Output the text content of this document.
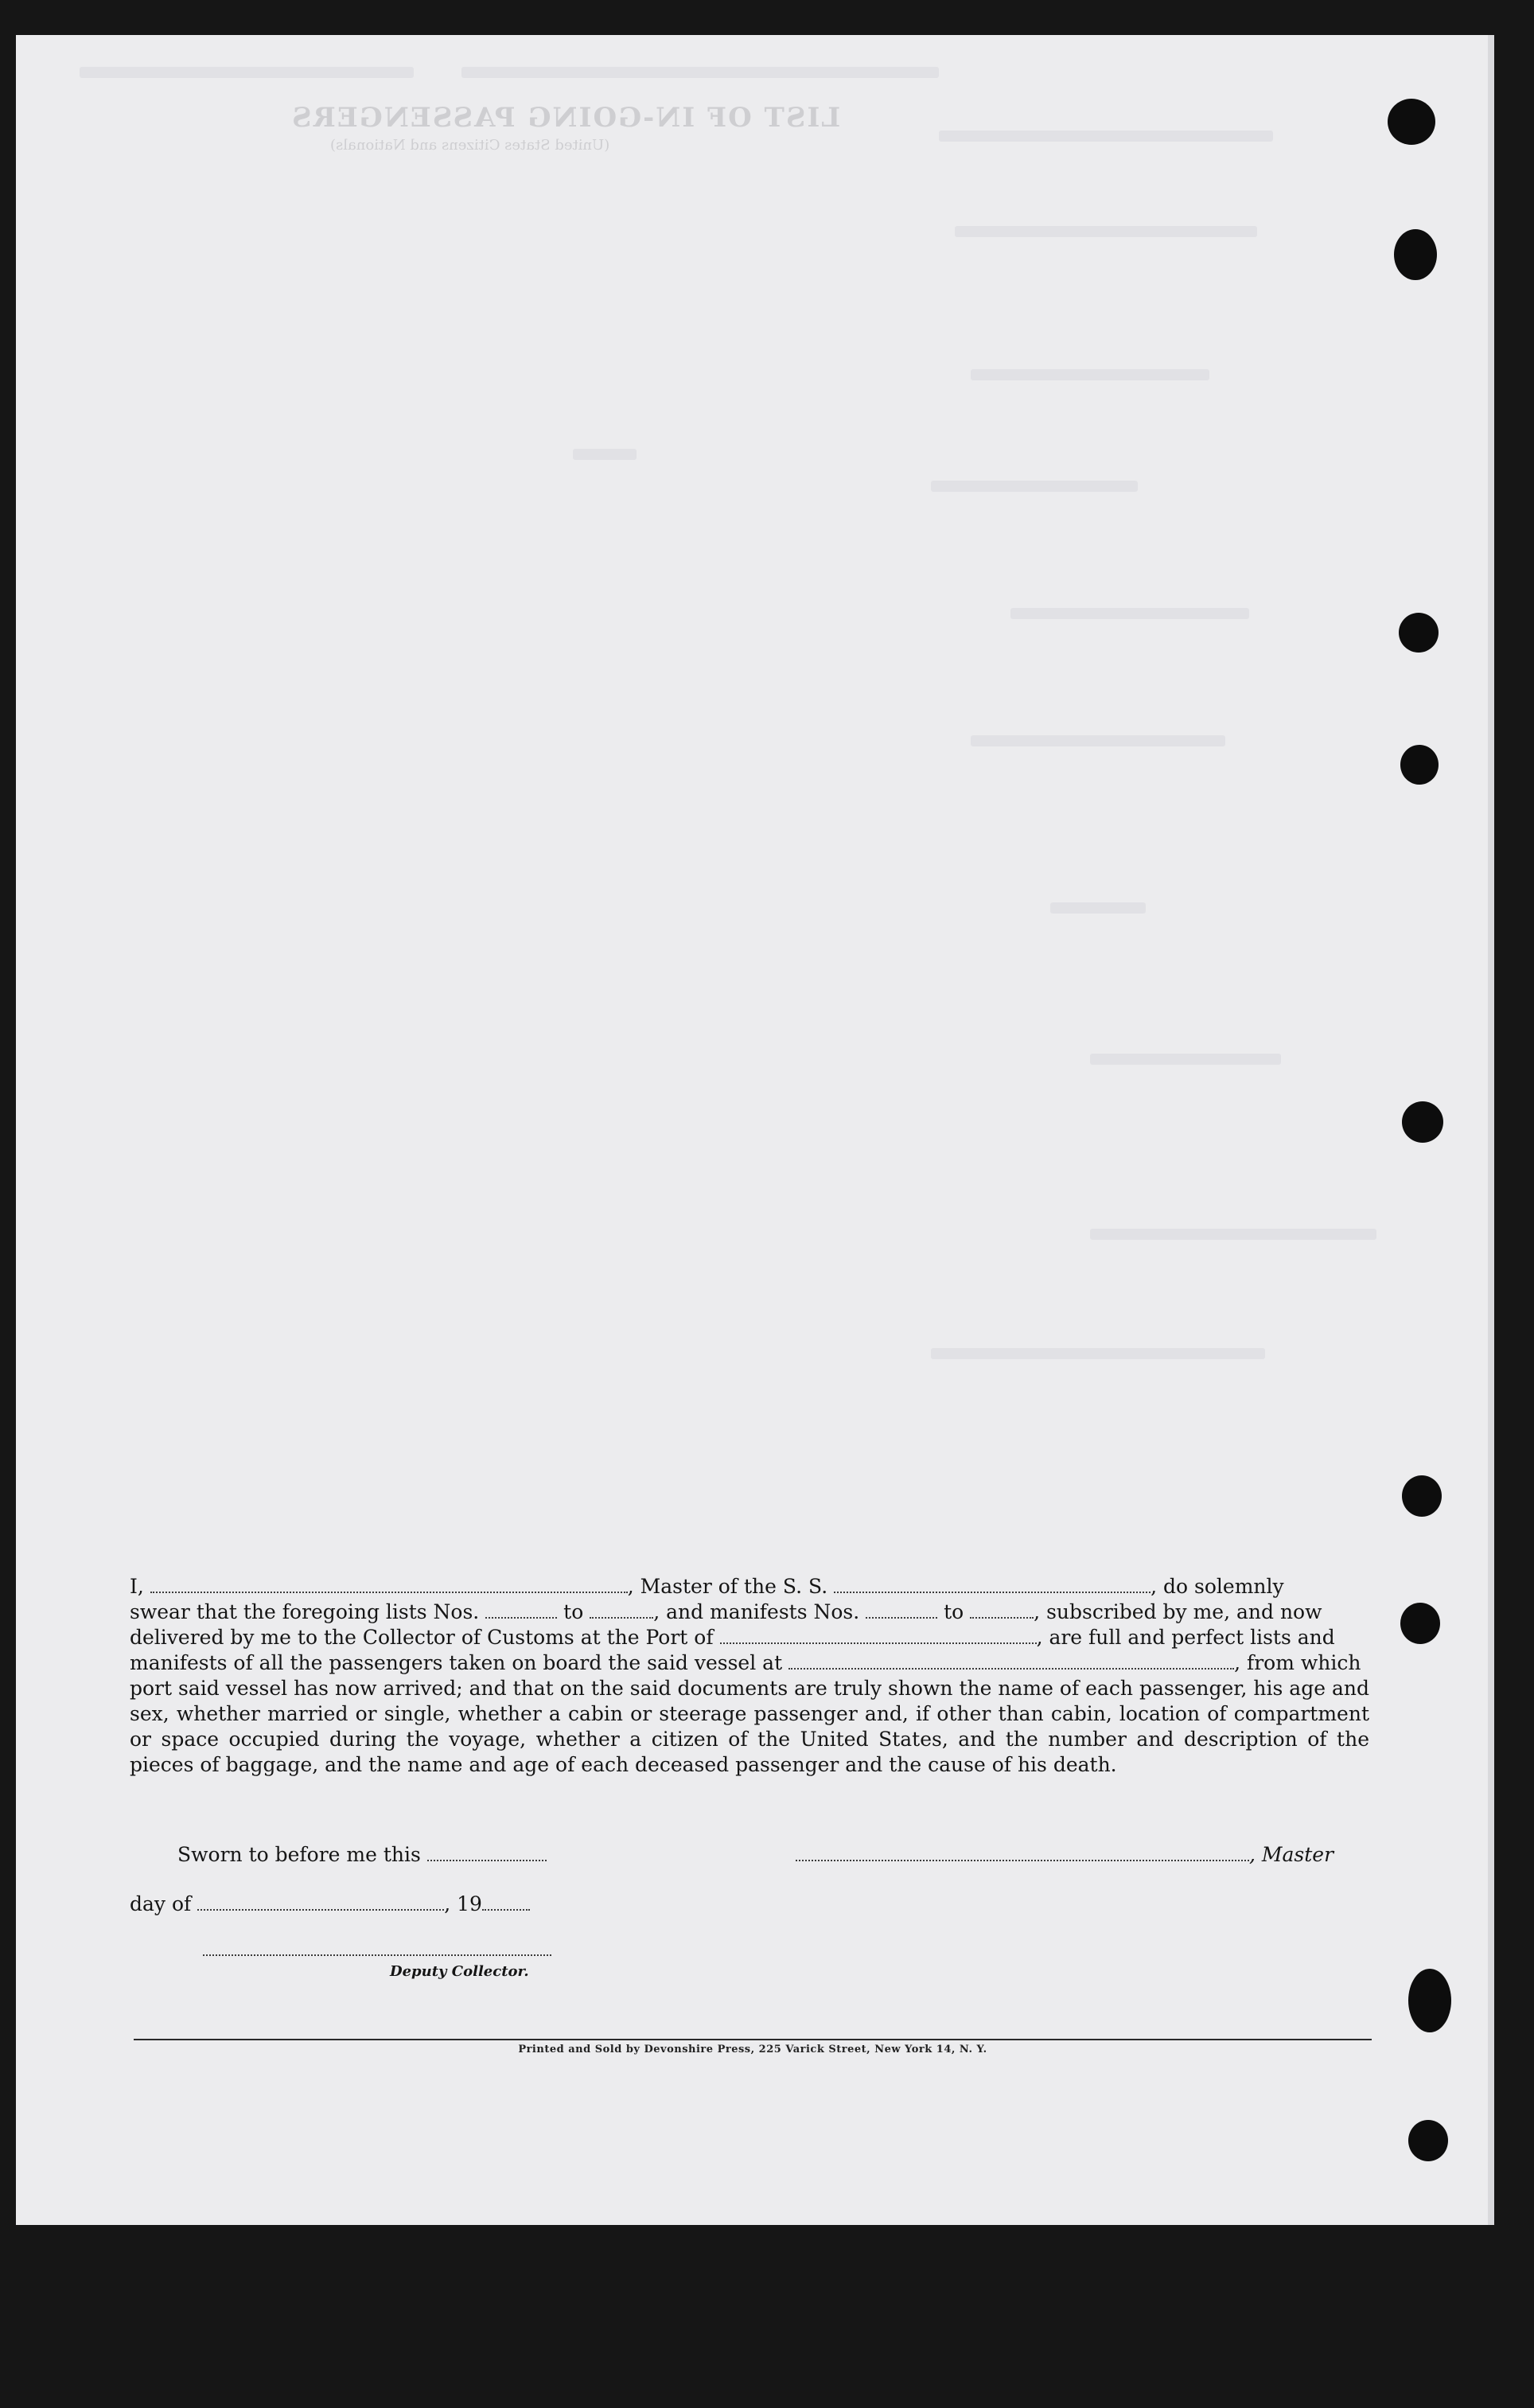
LIST OF IN-GOING PASSENGERS
(United States Citizens and Nationals)
I,	, Master of the S. S.	, do solemnly
swear that the foregoing lists Nos.	to	, and manifests Nos.	to	, subscribed by me, and now
delivered by me to the Collector of Customs at the Port of	, are full and perfect lists and
manifests of all the passengers taken on board the said vessel at	, from which
port said vessel has now arrived; and that on the said documents are truly shown the name of each passenger, his age and sex, whether married or single, whether a cabin or steerage passenger and, if other than cabin, location of compartment or space occupied during the voyage, whether a citizen of the United States, and the number and description of the pieces of baggage, and the name and age of each deceased passenger and the cause of his death.
Sworn to before me this	, Master
day of	, 19
Deputy Collector.
Printed and Sold by Devonshire Press, 225 Varick Street, New York 14, N. Y.
